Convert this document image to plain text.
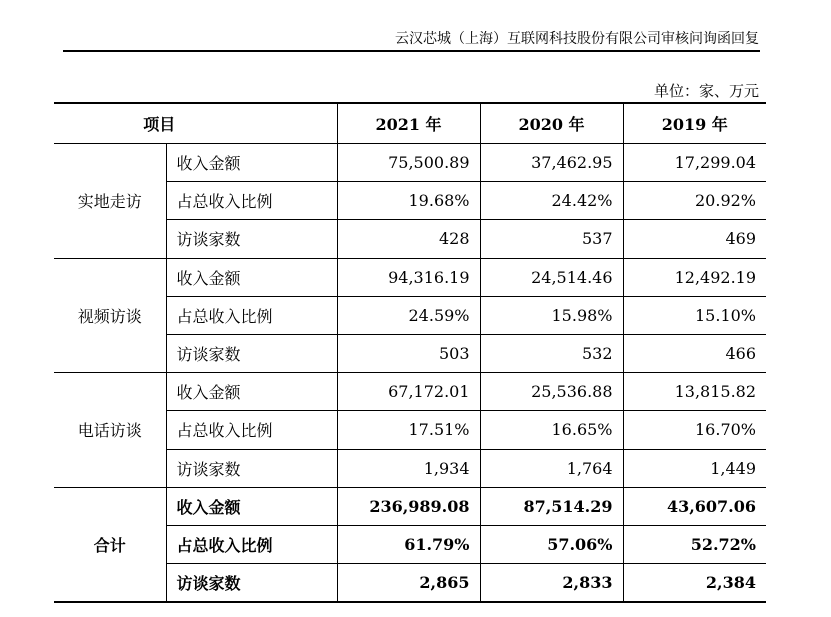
云汉芯城（上海）互联网科技股份有限公司审核问询函回复
单位：家、万元
项目		2021 年	2020 年	2019 年
实地走访	收入金额	75,500.89	37,462.95	17,299.04
	占总收入比例	19.68%	24.42%	20.92%
	访谈家数	428	537	469
视频访谈	收入金额	94,316.19	24,514.46	12,492.19
	占总收入比例	24.59%	15.98%	15.10%
	访谈家数	503	532	466
电话访谈	收入金额	67,172.01	25,536.88	13,815.82
	占总收入比例	17.51%	16.65%	16.70%
	访谈家数	1,934	1,764	1,449
合计	收入金额	236,989.08	87,514.29	43,607.06
	占总收入比例	61.79%	57.06%	52.72%
	访谈家数	2,865	2,833	2,384
